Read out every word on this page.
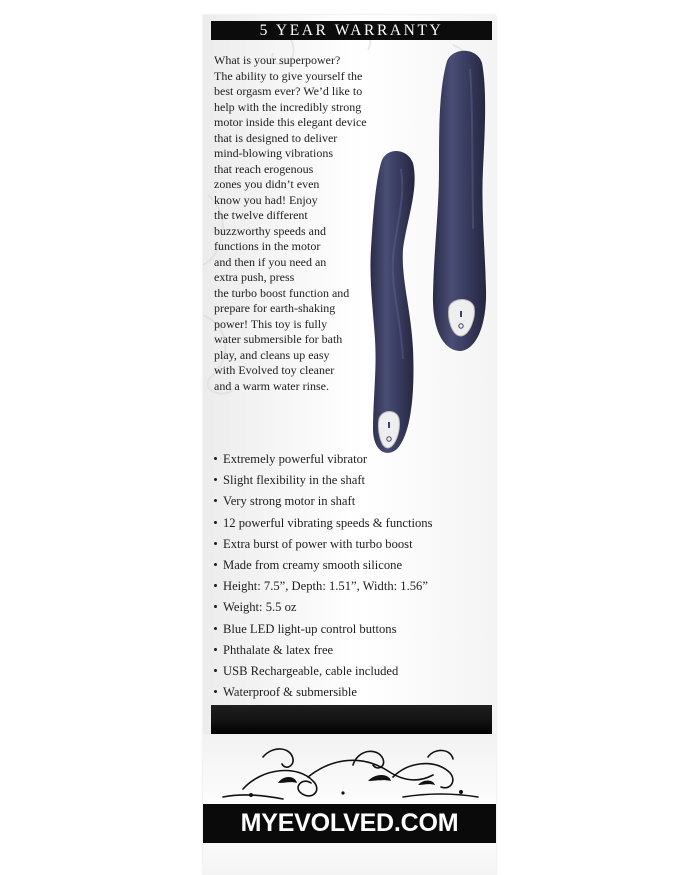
5 YEAR WARRANTY
What is your superpower?
The ability to give yourself the
best orgasm ever? We’d like to
help with the incredibly strong
motor inside this elegant device
that is designed to deliver
mind-blowing vibrations
that reach erogenous
zones you didn’t even
know you had! Enjoy
the twelve different
buzzworthy speeds and
functions in the motor
and then if you need an
extra push, press
the turbo boost function and
prepare for earth-shaking
power! This toy is fully
water submersible for bath
play, and cleans up easy
with Evolved toy cleaner
and a warm water rinse.
Extremely powerful vibrator
Slight flexibility in the shaft
Very strong motor in shaft
12 powerful vibrating speeds & functions
Extra burst of power with turbo boost
Made from creamy smooth silicone
Height: 7.5”, Depth: 1.51”, Width: 1.56”
Weight: 5.5 oz
Blue LED light-up control buttons
Phthalate & latex free
USB Rechargeable, cable included
Waterproof & submersible
MYEVOLVED.COM
